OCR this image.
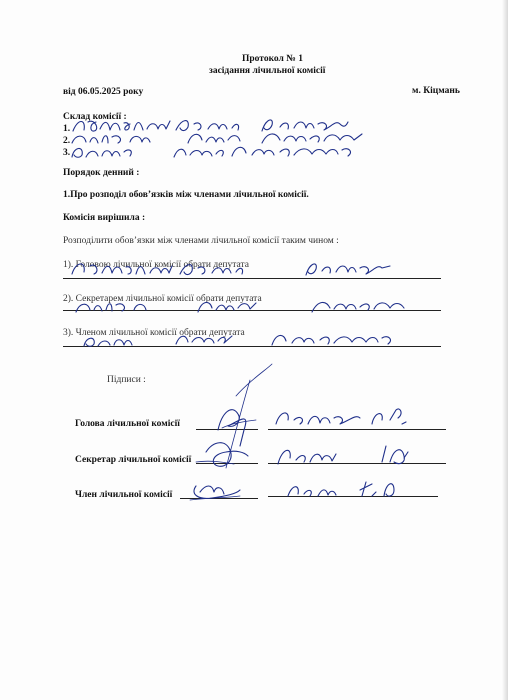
Протокол № 1
засідання лічильної комісії
від 06.05.2025 року	м. Кіцмань
Склад комісії :
1.
2.
3.
Порядок денний :
1.Про розподіл обов’язків між членами лічильної комісії.
Комісія вирішила :
Розподілити обов’язки між членами лічильної комісії таким чином :
1). Головою лічильної комісії обрати депутата
2). Секретарем лічильної комісії обрати депутата
3). Членом лічильної комісії обрати депутата
Підписи :
Голова лічильної комісії
Секретар лічильної комісії
Член лічильної комісії
